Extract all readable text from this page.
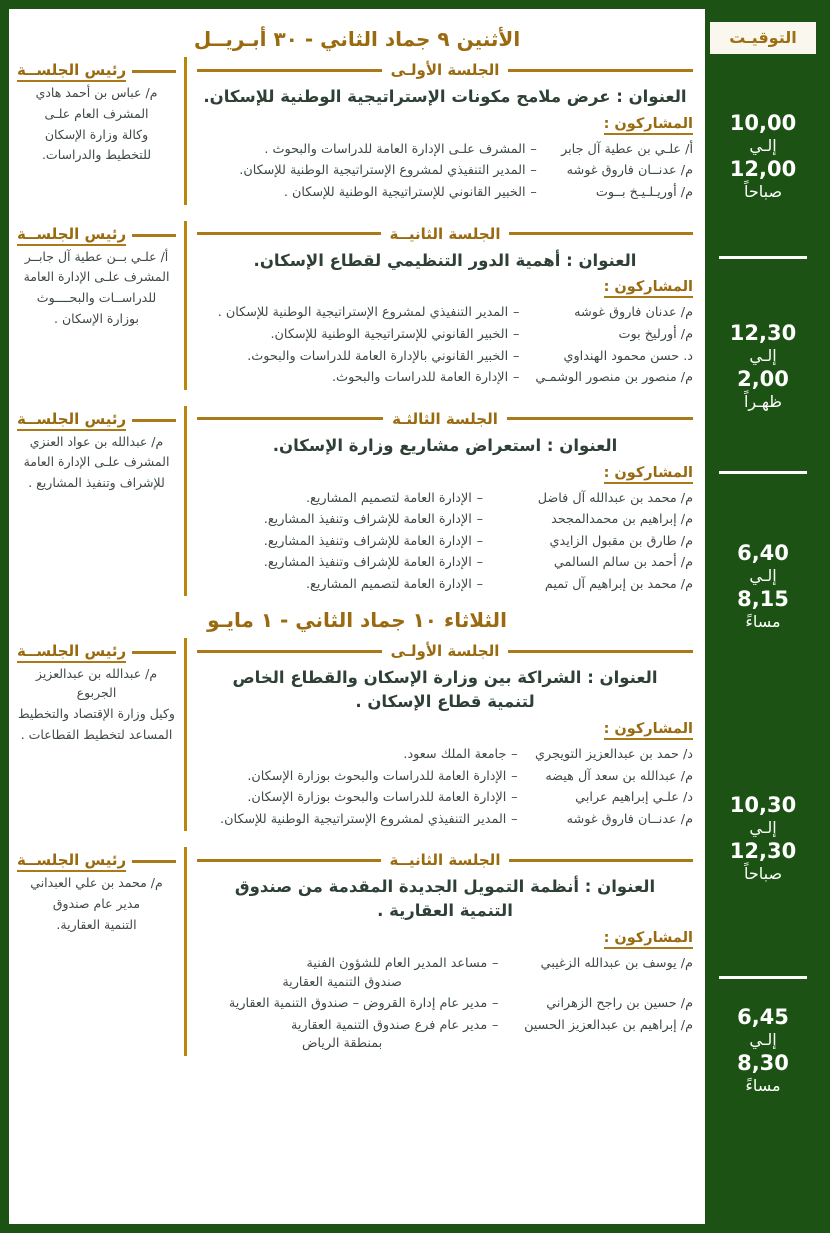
التوقيـت
10,00
إلـي
12,00
صباحاً
12,30
إلـي
2,00
ظهـراً
6,40
إلـي
8,15
مساءً
10,30
إلـي
12,30
صباحاً
6,45
إلـي
8,30
مساءً
الأثنين ٩ جماد الثاني - ٣٠ أبـريــل
الجلسة الأولـى
العنوان : عرض ملامح مكونات الإستراتيجية الوطنية للإسكان.
المشاركون :
أ/ علـي بن عطية آل جابر	–	المشرف علـى الإدارة العامة للدراسات والبحوث .
م/ عدنــان فاروق غوشه	–	المدير التنفيذي لمشروع الإستراتيجية الوطنية للإسكان.
م/ أوريـلـيـخ بــوت	–	الخبير القانوني للإستراتيجية الوطنية للإسكان .
رئيس الجلســة
م/ عباس بن أحمد هادي
المشرف العام علـى
وكالة وزارة الإسكان
للتخطيط والدراسات.
الجلسة الثانيــة
العنوان : أهمية الدور التنظيمي لقطاع الإسكان.
المشاركون :
م/ عدنان فاروق غوشه	–	المدير التنفيذي لمشروع الإستراتيجية الوطنية للإسكان .
م/ أورليخ بوت	–	الخبير القانوني للإستراتيجية الوطنية للإسكان.
د. حسن محمود الهنداوي	–	الخبير القانوني بالإدارة العامة للدراسات والبحوث.
م/ منصور بن منصور الوشمـي	–	الإدارة العامة للدراسات والبحوث.
رئيس الجلســة
أ/ علـي بــن عطية آل جابــر
المشرف علـى الإدارة العامة
للدراســات والبحــــوث
بوزارة الإسكان .
الجلسة الثالثـة
العنوان : استعراض مشاريع وزارة الإسكان.
المشاركون :
م/ محمد بن عبدالله آل فاضل	–	الإدارة العامة لتصميم المشاريع.
م/ إبراهيم بن محمدالمجحد	–	الإدارة العامة للإشراف وتنفيذ المشاريع.
م/ طارق بن مقبول الزايدي	–	الإدارة العامة للإشراف وتنفيذ المشاريع.
م/ أحمد بن سالم السالمي	–	الإدارة العامة للإشراف وتنفيذ المشاريع.
م/ محمد بن إبراهيم آل تميم	–	الإدارة العامة لتصميم المشاريع.
رئيس الجلســة
م/ عبدالله بن عواد العنزي
المشرف علـى الإدارة العامة
للإشراف وتنفيذ المشاريع .
الثلاثاء ١٠ جماد الثاني - ١ مايـو
الجلسة الأولـى
العنوان : الشراكة بين وزارة الإسكان والقطاع الخاص
لتنمية قطاع الإسكان .
المشاركون :
د/ حمد بن عبدالعزيز التويجري	–	جامعة الملك سعود.
م/ عبدالله بن سعد آل هيضه	–	الإدارة العامة للدراسات والبحوث بوزارة الإسكان.
د/ علـي إبراهيم عرابي	–	الإدارة العامة للدراسات والبحوث بوزارة الإسكان.
م/ عدنــان فاروق غوشه	–	المدير التنفيذي لمشروع الإستراتيجية الوطنية للإسكان.
رئيس الجلســة
م/ عبدالله بن عبدالعزيز الجربوع
وكيل وزارة الإقتصاد والتخطيط
المساعد لتخطيط القطاعات .
الجلسة الثانيــة
العنوان : أنظمة التمويل الجديدة المقدمة من صندوق
التنمية العقارية .
المشاركون :
م/ يوسف بن عبدالله الزغيبي	–	مساعد المدير العام للشؤون الفنية
صندوق التنمية العقارية

م/ حسين بن راجح الزهراني	–	مدير عام إدارة القروض – صندوق التنمية العقارية
م/ إبراهيم بن عبدالعزيز الحسين	–	مدير عام فرع صندوق التنمية العقارية
بمنطقة الرياض
رئيس الجلســة
م/ محمد بن علي العبداني
مدير عام صندوق
التنمية العقارية.
